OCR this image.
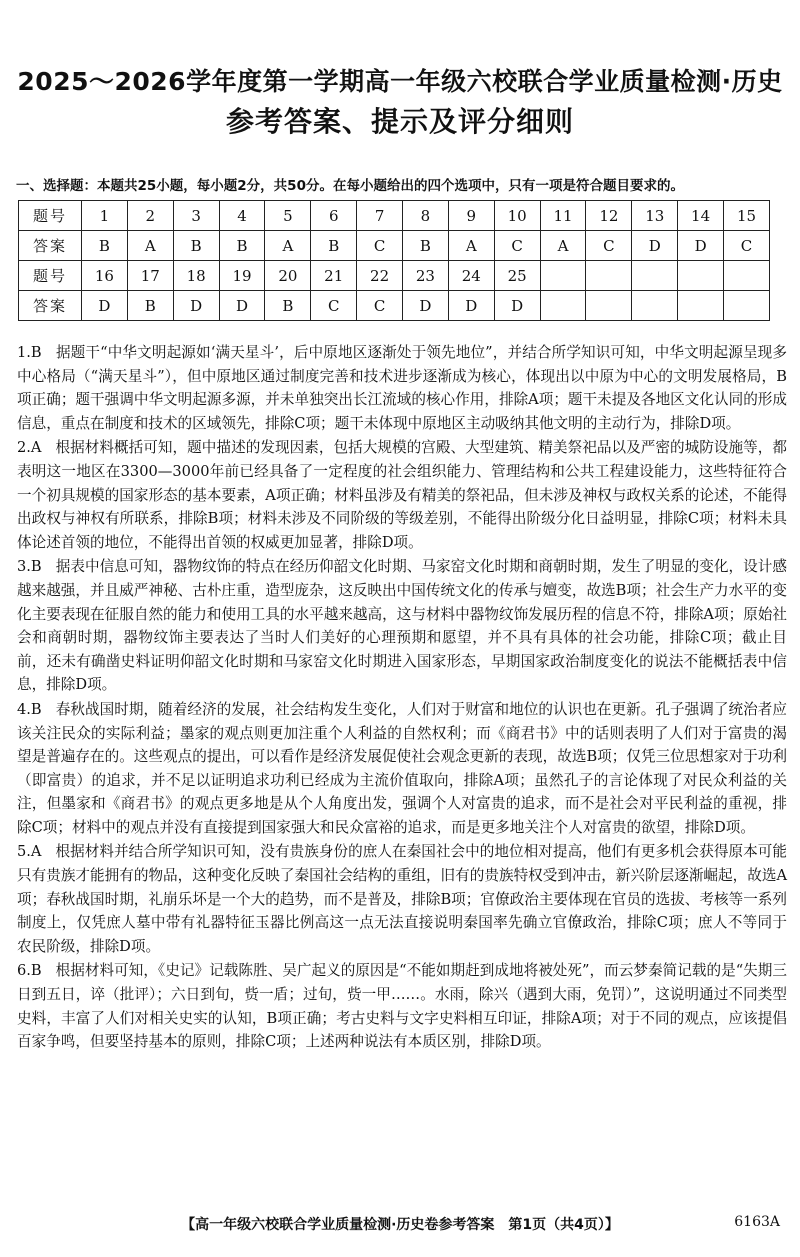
2025～2026学年度第一学期高一年级六校联合学业质量检测·历史
参考答案、提示及评分细则
一、选择题：本题共25小题，每小题2分，共50分。在每小题给出的四个选项中，只有一项是符合题目要求的。
题号	1	2	3	4	5	6	7	8	9	10	11	12	13	14	15
答案	B	A	B	B	A	B	C	B	A	C	A	C	D	D	C
题号	16	17	18	19	20	21	22	23	24	25					
答案	D	B	D	D	B	C	C	D	D	D					
1.B 据题干“中华文明起源如‘满天星斗’，后中原地区逐渐处于领先地位”，并结合所学知识可知，中华文明起源呈现多中心格局（“满天星斗”），但中原地区通过制度完善和技术进步逐渐成为核心，体现出以中原为中心的文明发展格局，B项正确；题干强调中华文明起源多源，并未单独突出长江流域的核心作用，排除A项；题干未提及各地区文化认同的形成信息，重点在制度和技术的区域领先，排除C项；题干未体现中原地区主动吸纳其他文明的主动行为，排除D项。
2.A 根据材料概括可知，题中描述的发现因素，包括大规模的宫殿、大型建筑、精美祭祀品以及严密的城防设施等，都表明这一地区在3300—3000年前已经具备了一定程度的社会组织能力、管理结构和公共工程建设能力，这些特征符合一个初具规模的国家形态的基本要素，A项正确；材料虽涉及有精美的祭祀品，但未涉及神权与政权关系的论述，不能得出政权与神权有所联系，排除B项；材料未涉及不同阶级的等级差别，不能得出阶级分化日益明显，排除C项；材料未具体论述首领的地位，不能得出首领的权威更加显著，排除D项。
3.B 据表中信息可知，器物纹饰的特点在经历仰韶文化时期、马家窑文化时期和商朝时期，发生了明显的变化，设计感越来越强，并且威严神秘、古朴庄重，造型庞杂，这反映出中国传统文化的传承与嬗变，故选B项；社会生产力水平的变化主要表现在征服自然的能力和使用工具的水平越来越高，这与材料中器物纹饰发展历程的信息不符，排除A项；原始社会和商朝时期，器物纹饰主要表达了当时人们美好的心理预期和愿望，并不具有具体的社会功能，排除C项；截止目前，还未有确凿史料证明仰韶文化时期和马家窑文化时期进入国家形态，早期国家政治制度变化的说法不能概括表中信息，排除D项。
4.B 春秋战国时期，随着经济的发展，社会结构发生变化，人们对于财富和地位的认识也在更新。孔子强调了统治者应该关注民众的实际利益；墨家的观点则更加注重个人利益的自然权利；而《商君书》中的话则表明了人们对于富贵的渴望是普遍存在的。这些观点的提出，可以看作是经济发展促使社会观念更新的表现，故选B项；仅凭三位思想家对于功利（即富贵）的追求，并不足以证明追求功利已经成为主流价值取向，排除A项；虽然孔子的言论体现了对民众利益的关注，但墨家和《商君书》的观点更多地是从个人角度出发，强调个人对富贵的追求，而不是社会对平民利益的重视，排除C项；材料中的观点并没有直接提到国家强大和民众富裕的追求，而是更多地关注个人对富贵的欲望，排除D项。
5.A 根据材料并结合所学知识可知，没有贵族身份的庶人在秦国社会中的地位相对提高，他们有更多机会获得原本可能只有贵族才能拥有的物品，这种变化反映了秦国社会结构的重组，旧有的贵族特权受到冲击，新兴阶层逐渐崛起，故选A项；春秋战国时期，礼崩乐坏是一个大的趋势，而不是普及，排除B项；官僚政治主要体现在官员的选拔、考核等一系列制度上，仅凭庶人墓中带有礼器特征玉器比例高这一点无法直接说明秦国率先确立官僚政治，排除C项；庶人不等同于农民阶级，排除D项。
6.B 根据材料可知，《史记》记载陈胜、吴广起义的原因是“不能如期赶到成地将被处死”，而云梦秦简记载的是“失期三日到五日，谇（批评）；六日到旬，赀一盾；过旬，赀一甲……。水雨，除兴（遇到大雨，免罚）”，这说明通过不同类型史料，丰富了人们对相关史实的认知，B项正确；考古史料与文字史料相互印证，排除A项；对于不同的观点，应该提倡百家争鸣，但要坚持基本的原则，排除C项；上述两种说法有本质区别，排除D项。
【高一年级六校联合学业质量检测·历史卷参考答案　第1页（共4页）】	6163A
